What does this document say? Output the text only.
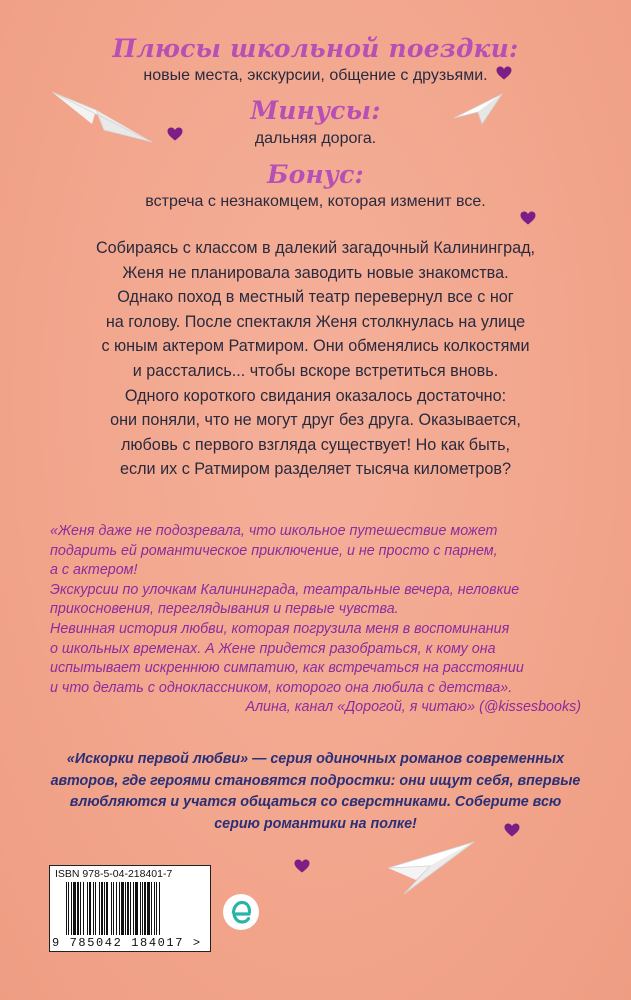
Плюсы школьной поездки:
новые места, экскурсии, общение с друзьями.
Минусы:
дальняя дорога.
Бонус:
встреча с незнакомцем, которая изменит все.
Собираясь с классом в далекий загадочный Калининград,
Женя не планировала заводить новые знакомства.
Однако поход в местный театр перевернул все с ног
на голову. После спектакля Женя столкнулась на улице
с юным актером Ратмиром. Они обменялись колкостями
и расстались... чтобы вскоре встретиться вновь.
Одного короткого свидания оказалось достаточно:
они поняли, что не могут друг без друга. Оказывается,
любовь с первого взгляда существует! Но как быть,
если их с Ратмиром разделяет тысяча километров?
«Женя даже не подозревала, что школьное путешествие может
подарить ей романтическое приключение, и не просто с парнем,
а с актером!
Экскурсии по улочкам Калининграда, театральные вечера, неловкие
прикосновения, переглядывания и первые чувства.
Невинная история любви, которая погрузила меня в воспоминания
о школьных временах. А Жене придется разобраться, к кому она
испытывает искреннюю симпатию, как встречаться на расстоянии
и что делать с одноклассником, которого она любила с детства».
Алина, канал «Дорогой, я читаю» (@kissesbooks)
«Искорки первой любви» — серия одиночных романов современных
авторов, где героями становятся подростки: они ищут себя, впервые
влюбляются и учатся общаться со сверстниками. Соберите всю
серию романтики на полке!
ISBN 978-5-04-218401-7
9 785042 184017 >
